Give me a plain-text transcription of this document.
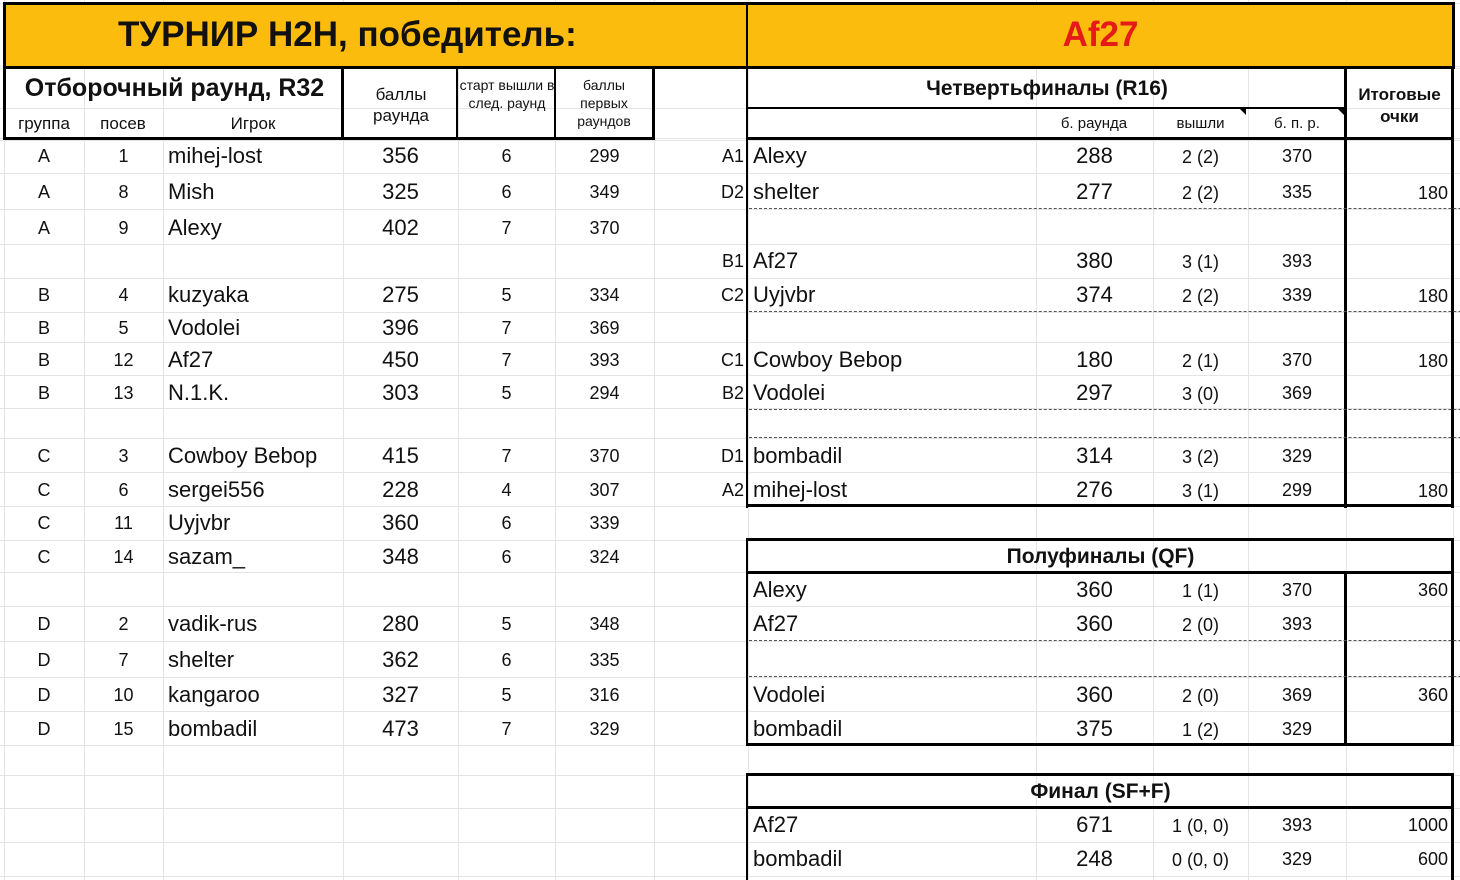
ТУРНИР H2H, победитель:	Af27
Отборочный раунд, R32
группа	посев	Игрок
баллы раунда
старт вышли в след. раунд
баллы первых раундов
Четвертьфиналы (R16)
б. раунда	вышли	б. п. р.
Итоговые очки
Полуфиналы (QF)
Финал (SF+F)
A	1	mihej-lost	356	6	299
A	8	Mish	325	6	349
A	9	Alexy	402	7	370
B	4	kuzyaka	275	5	334
B	5	Vodolei	396	7	369
B	12	Af27	450	7	393
B	13	N.1.K.	303	5	294
C	3	Cowboy Bebop	415	7	370
C	6	sergei556	228	4	307
C	11	Uyjvbr	360	6	339
C	14	sazam_	348	6	324
D	2	vadik-rus	280	5	348
D	7	shelter	362	6	335
D	10	kangaroo	327	5	316
D	15	bombadil	473	7	329
A1 Alexy	288	2 (2)	370
D2 shelter	277	2 (2)	335	180
B1 Af27	380	3 (1)	393
C2 Uyjvbr	374	2 (2)	339	180
C1 Cowboy Bebop	180	2 (1)	370	180
B2 Vodolei	297	3 (0)	369
D1 bombadil	314	3 (2)	329
A2 mihej-lost	276	3 (1)	299	180
Alexy	360	1 (1)	370	360
Af27	360	2 (0)	393
Vodolei	360	2 (0)	369	360
bombadil	375	1 (2)	329
Af27	671	1 (0, 0)	393	1000
bombadil	248	0 (0, 0)	329	600
